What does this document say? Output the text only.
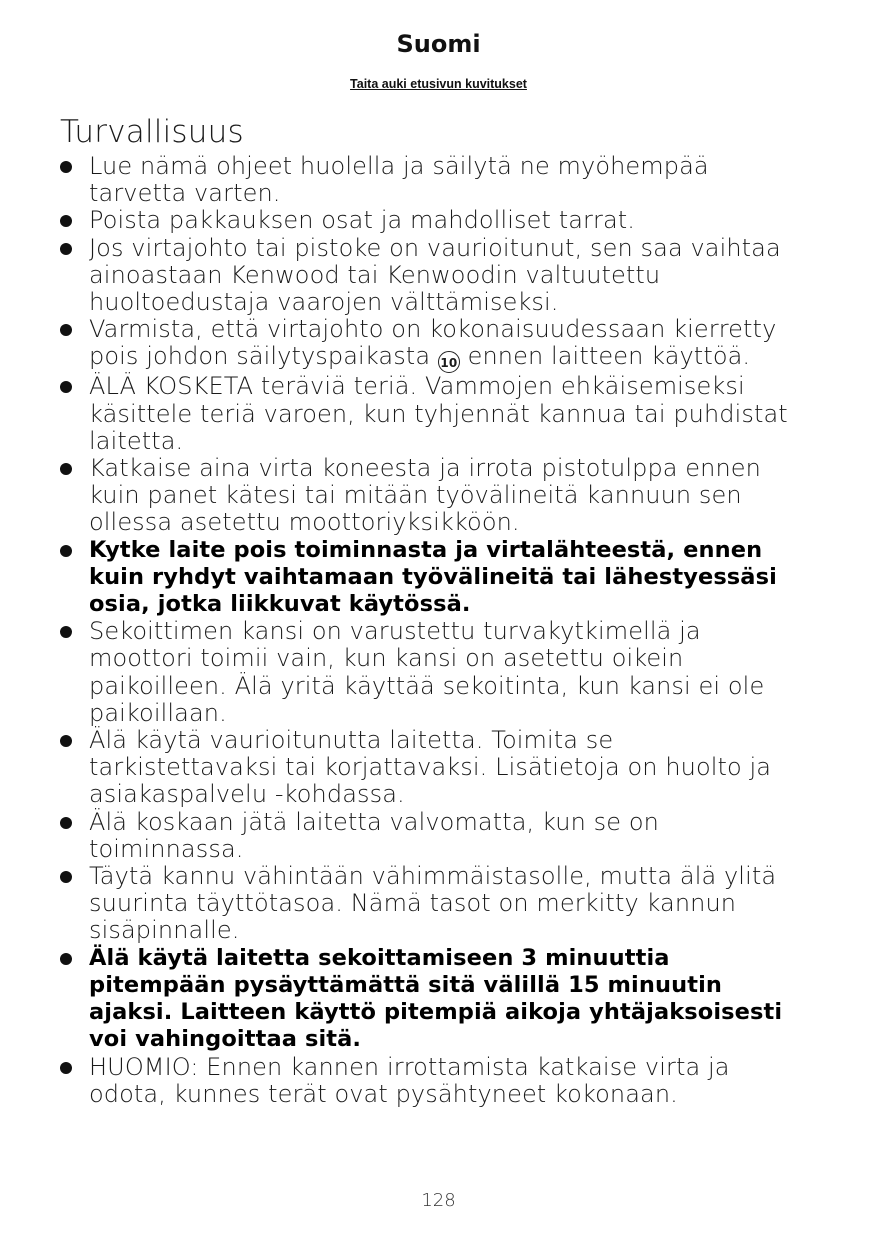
Suomi
Taita auki etusivun kuvitukset
Turvallisuus
Lue nämä ohjeet huolella ja säilytä ne myöhempää tarvetta varten.
Poista pakkauksen osat ja mahdolliset tarrat.
Jos virtajohto tai pistoke on vaurioitunut, sen saa vaihtaa ainoastaan Kenwood tai Kenwoodin valtuutettu huoltoedustaja vaarojen välttämiseksi.
Varmista, että virtajohto on kokonaisuudessaan kierretty pois johdon säilytyspaikasta 10 ennen laitteen käyttöä.
ÄLÄ KOSKETA teräviä teriä. Vammojen ehkäisemiseksi käsittele teriä varoen, kun tyhjennät kannua tai puhdistat laitetta.
Katkaise aina virta koneesta ja irrota pistotulppa ennen kuin panet kätesi tai mitään työvälineitä kannuun sen ollessa asetettu moottoriyksikköön.
Kytke laite pois toiminnasta ja virtalähteestä, ennen kuin ryhdyt vaihtamaan työvälineitä tai lähestyessäsi osia, jotka liikkuvat käytössä.
Sekoittimen kansi on varustettu turvakytkimellä ja moottori toimii vain, kun kansi on asetettu oikein paikoilleen. Älä yritä käyttää sekoitinta, kun kansi ei ole paikoillaan.
Älä käytä vaurioitunutta laitetta. Toimita se tarkistettavaksi tai korjattavaksi. Lisätietoja on huolto ja asiakaspalvelu -kohdassa.
Älä koskaan jätä laitetta valvomatta, kun se on toiminnassa.
Täytä kannu vähintään vähimmäistasolle, mutta älä ylitä suurinta täyttötasoa. Nämä tasot on merkitty kannun sisäpinnalle.
Älä käytä laitetta sekoittamiseen 3 minuuttia pitempään pysäyttämättä sitä välillä 15 minuutin ajaksi. Laitteen käyttö pitempiä aikoja yhtäjaksoisesti voi vahingoittaa sitä.
HUOMIO: Ennen kannen irrottamista katkaise virta ja odota, kunnes terät ovat pysähtyneet kokonaan.
128
